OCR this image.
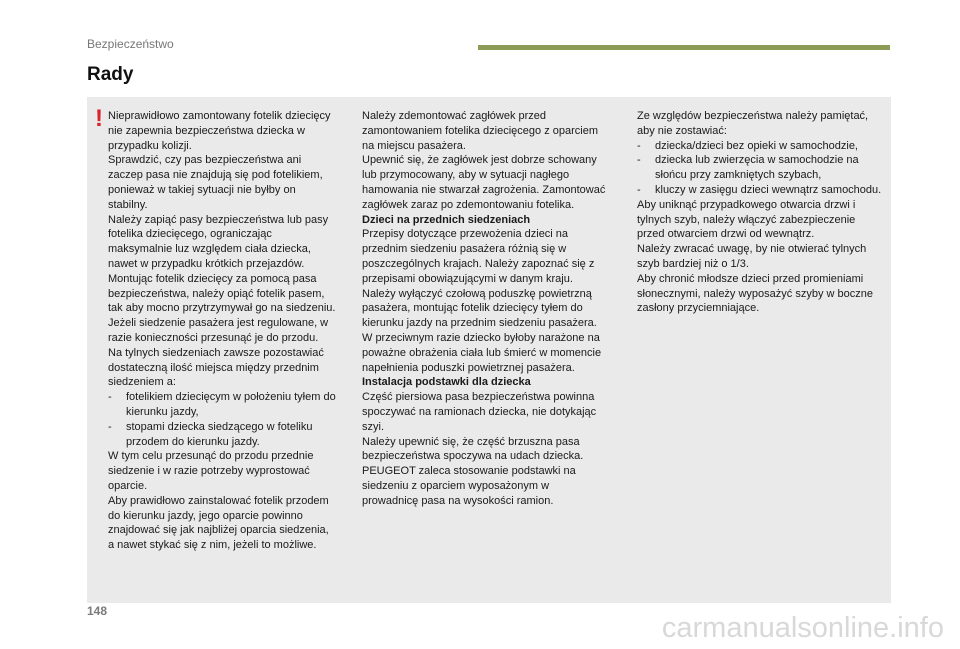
Bezpieczeństwo
Rady
! Nieprawidłowo zamontowany fotelik dziecięcy nie zapewnia bezpieczeństwa dziecka w przypadku kolizji.

Sprawdzić, czy pas bezpieczeństwa ani zaczep pasa nie znajdują się pod fotelikiem, ponieważ w takiej sytuacji nie byłby on stabilny.

Należy zapiąć pasy bezpieczeństwa lub pasy fotelika dziecięcego, ograniczając maksymalnie luz względem ciała dziecka, nawet w przypadku krótkich przejazdów.

Montując fotelik dziecięcy za pomocą pasa bezpieczeństwa, należy opiąć fotelik pasem, tak aby mocno przytrzymywał go na siedzeniu. Jeżeli siedzenie pasażera jest regulowane, w razie konieczności przesunąć je do przodu.

Na tylnych siedzeniach zawsze pozostawiać dostateczną ilość miejsca między przednim siedzeniem a:

- fotelikiem dziecięcym w położeniu tyłem do kierunku jazdy,

- stopami dziecka siedzącego w foteliku przodem do kierunku jazdy.

W tym celu przesunąć do przodu przednie siedzenie i w razie potrzeby wyprostować oparcie.

Aby prawidłowo zainstalować fotelik przodem do kierunku jazdy, jego oparcie powinno znajdować się jak najbliżej oparcia siedzenia, a nawet stykać się z nim, jeżeli to możliwe.

Należy zdemontować zagłówek przed zamontowaniem fotelika dziecięcego z oparciem na miejscu pasażera.

Upewnić się, że zagłówek jest dobrze schowany lub przymocowany, aby w sytuacji nagłego hamowania nie stwarzał zagrożenia. Zamontować zagłówek zaraz po zdemontowaniu fotelika.

Dzieci na przednich siedzeniach

Przepisy dotyczące przewożenia dzieci na przednim siedzeniu pasażera różnią się w poszczególnych krajach. Należy zapoznać się z przepisami obowiązującymi w danym kraju.

Należy wyłączyć czołową poduszkę powietrzną pasażera, montując fotelik dziecięcy tyłem do kierunku jazdy na przednim siedzeniu pasażera.

W przeciwnym razie dziecko byłoby narażone na poważne obrażenia ciała lub śmierć w momencie napełnienia poduszki powietrznej pasażera.

Instalacja podstawki dla dziecka

Część piersiowa pasa bezpieczeństwa powinna spoczywać na ramionach dziecka, nie dotykając szyi.

Należy upewnić się, że część brzuszna pasa bezpieczeństwa spoczywa na udach dziecka.

PEUGEOT zaleca stosowanie podstawki na siedzeniu z oparciem wyposażonym w prowadnicę pasa na wysokości ramion.

Ze względów bezpieczeństwa należy pamiętać, aby nie zostawiać:

- dziecka/dzieci bez opieki w samochodzie,

- dziecka lub zwierzęcia w samochodzie na słońcu przy zamkniętych szybach,

- kluczy w zasięgu dzieci wewnątrz samochodu.

Aby uniknąć przypadkowego otwarcia drzwi i tylnych szyb, należy włączyć zabezpieczenie przed otwarciem drzwi od wewnątrz.

Należy zwracać uwagę, by nie otwierać tylnych szyb bardziej niż o 1/3.

Aby chronić młodsze dzieci przed promieniami słonecznymi, należy wyposażyć szyby w boczne zasłony przyciemniające.

148
carmanualsonline.info
